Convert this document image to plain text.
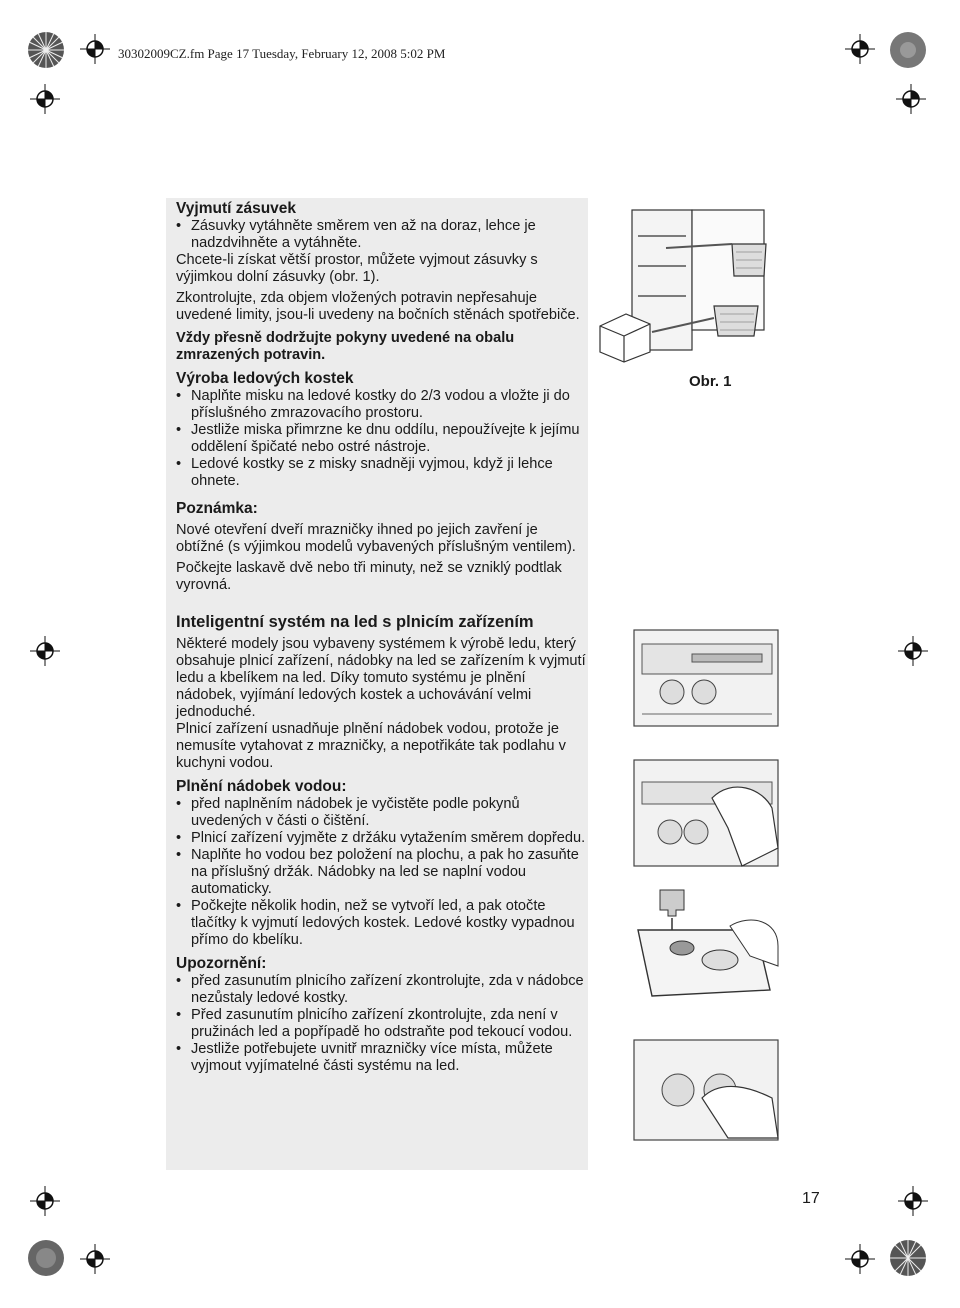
30302009CZ.fm Page 17 Tuesday, February 12, 2008 5:02 PM
Vyjmutí zásuvek
• Zásuvky vytáhněte směrem ven až na doraz, lehce je nadzdvihněte a vytáhněte.

Chcete-li získat větší prostor, můžete vyjmout zásuvky s výjimkou dolní zásuvky (obr. 1).

Zkontrolujte, zda objem vložených potravin nepřesahuje uvedené limity, jsou-li uvedeny na bočních stěnách spotřebiče.

Vždy přesně dodržujte pokyny uvedené na obalu zmrazených potravin.

Výroba ledových kostek
• Naplňte misku na ledové kostky do 2/3 vodou a vložte ji do příslušného zmrazovacího prostoru.
• Jestliže miska přimrzne ke dnu oddílu, nepoužívejte k jejímu oddělení špičaté nebo ostré nástroje.
• Ledové kostky se z misky snadněji vyjmou, když ji lehce ohnete.
Poznámka:

Nové otevření dveří mrazničky ihned po jejich zavření je obtížné (s výjimkou modelů vybavených příslušným ventilem).

Počkejte laskavě dvě nebo tři minuty, než se vzniklý podtlak vyrovná.

Inteligentní systém na led s plnicím zařízením

Některé modely jsou vybaveny systémem k výrobě ledu, který obsahuje plnicí zařízení, nádobky na led se zařízením k vyjmutí ledu a kbelíkem na led. Díky tomuto systému je plnění nádobek, vyjímání ledových kostek a uchovávání velmi jednoduché.

Plnicí zařízení usnadňuje plnění nádobek vodou, protože je nemusíte vytahovat z mrazničky, a nepotřikáte tak podlahu v kuchyni vodou.

Plnění nádobek vodou:
• před naplněním nádobek je vyčistěte podle pokynů uvedených v části o čištění.
• Plnicí zařízení vyjměte z držáku vytažením směrem dopředu.
• Naplňte ho vodou bez položení na plochu, a pak ho zasuňte na příslušný držák. Nádobky na led se naplní vodou automaticky.
• Počkejte několik hodin, než se vytvoří led, a pak otočte tlačítky k vyjmutí ledových kostek. Ledové kostky vypadnou přímo do kbelíku.
Upozornění:
• před zasunutím plnicího zařízení zkontrolujte, zda v nádobce nezůstaly ledové kostky.
• Před zasunutím plnicího zařízení zkontrolujte, zda není v pružinách led a popřípadě ho odstraňte pod tekoucí vodou.
• Jestliže potřebujete uvnitř mrazničky více místa, můžete vyjmout vyjímatelné části systému na led.
Obr. 1
17
